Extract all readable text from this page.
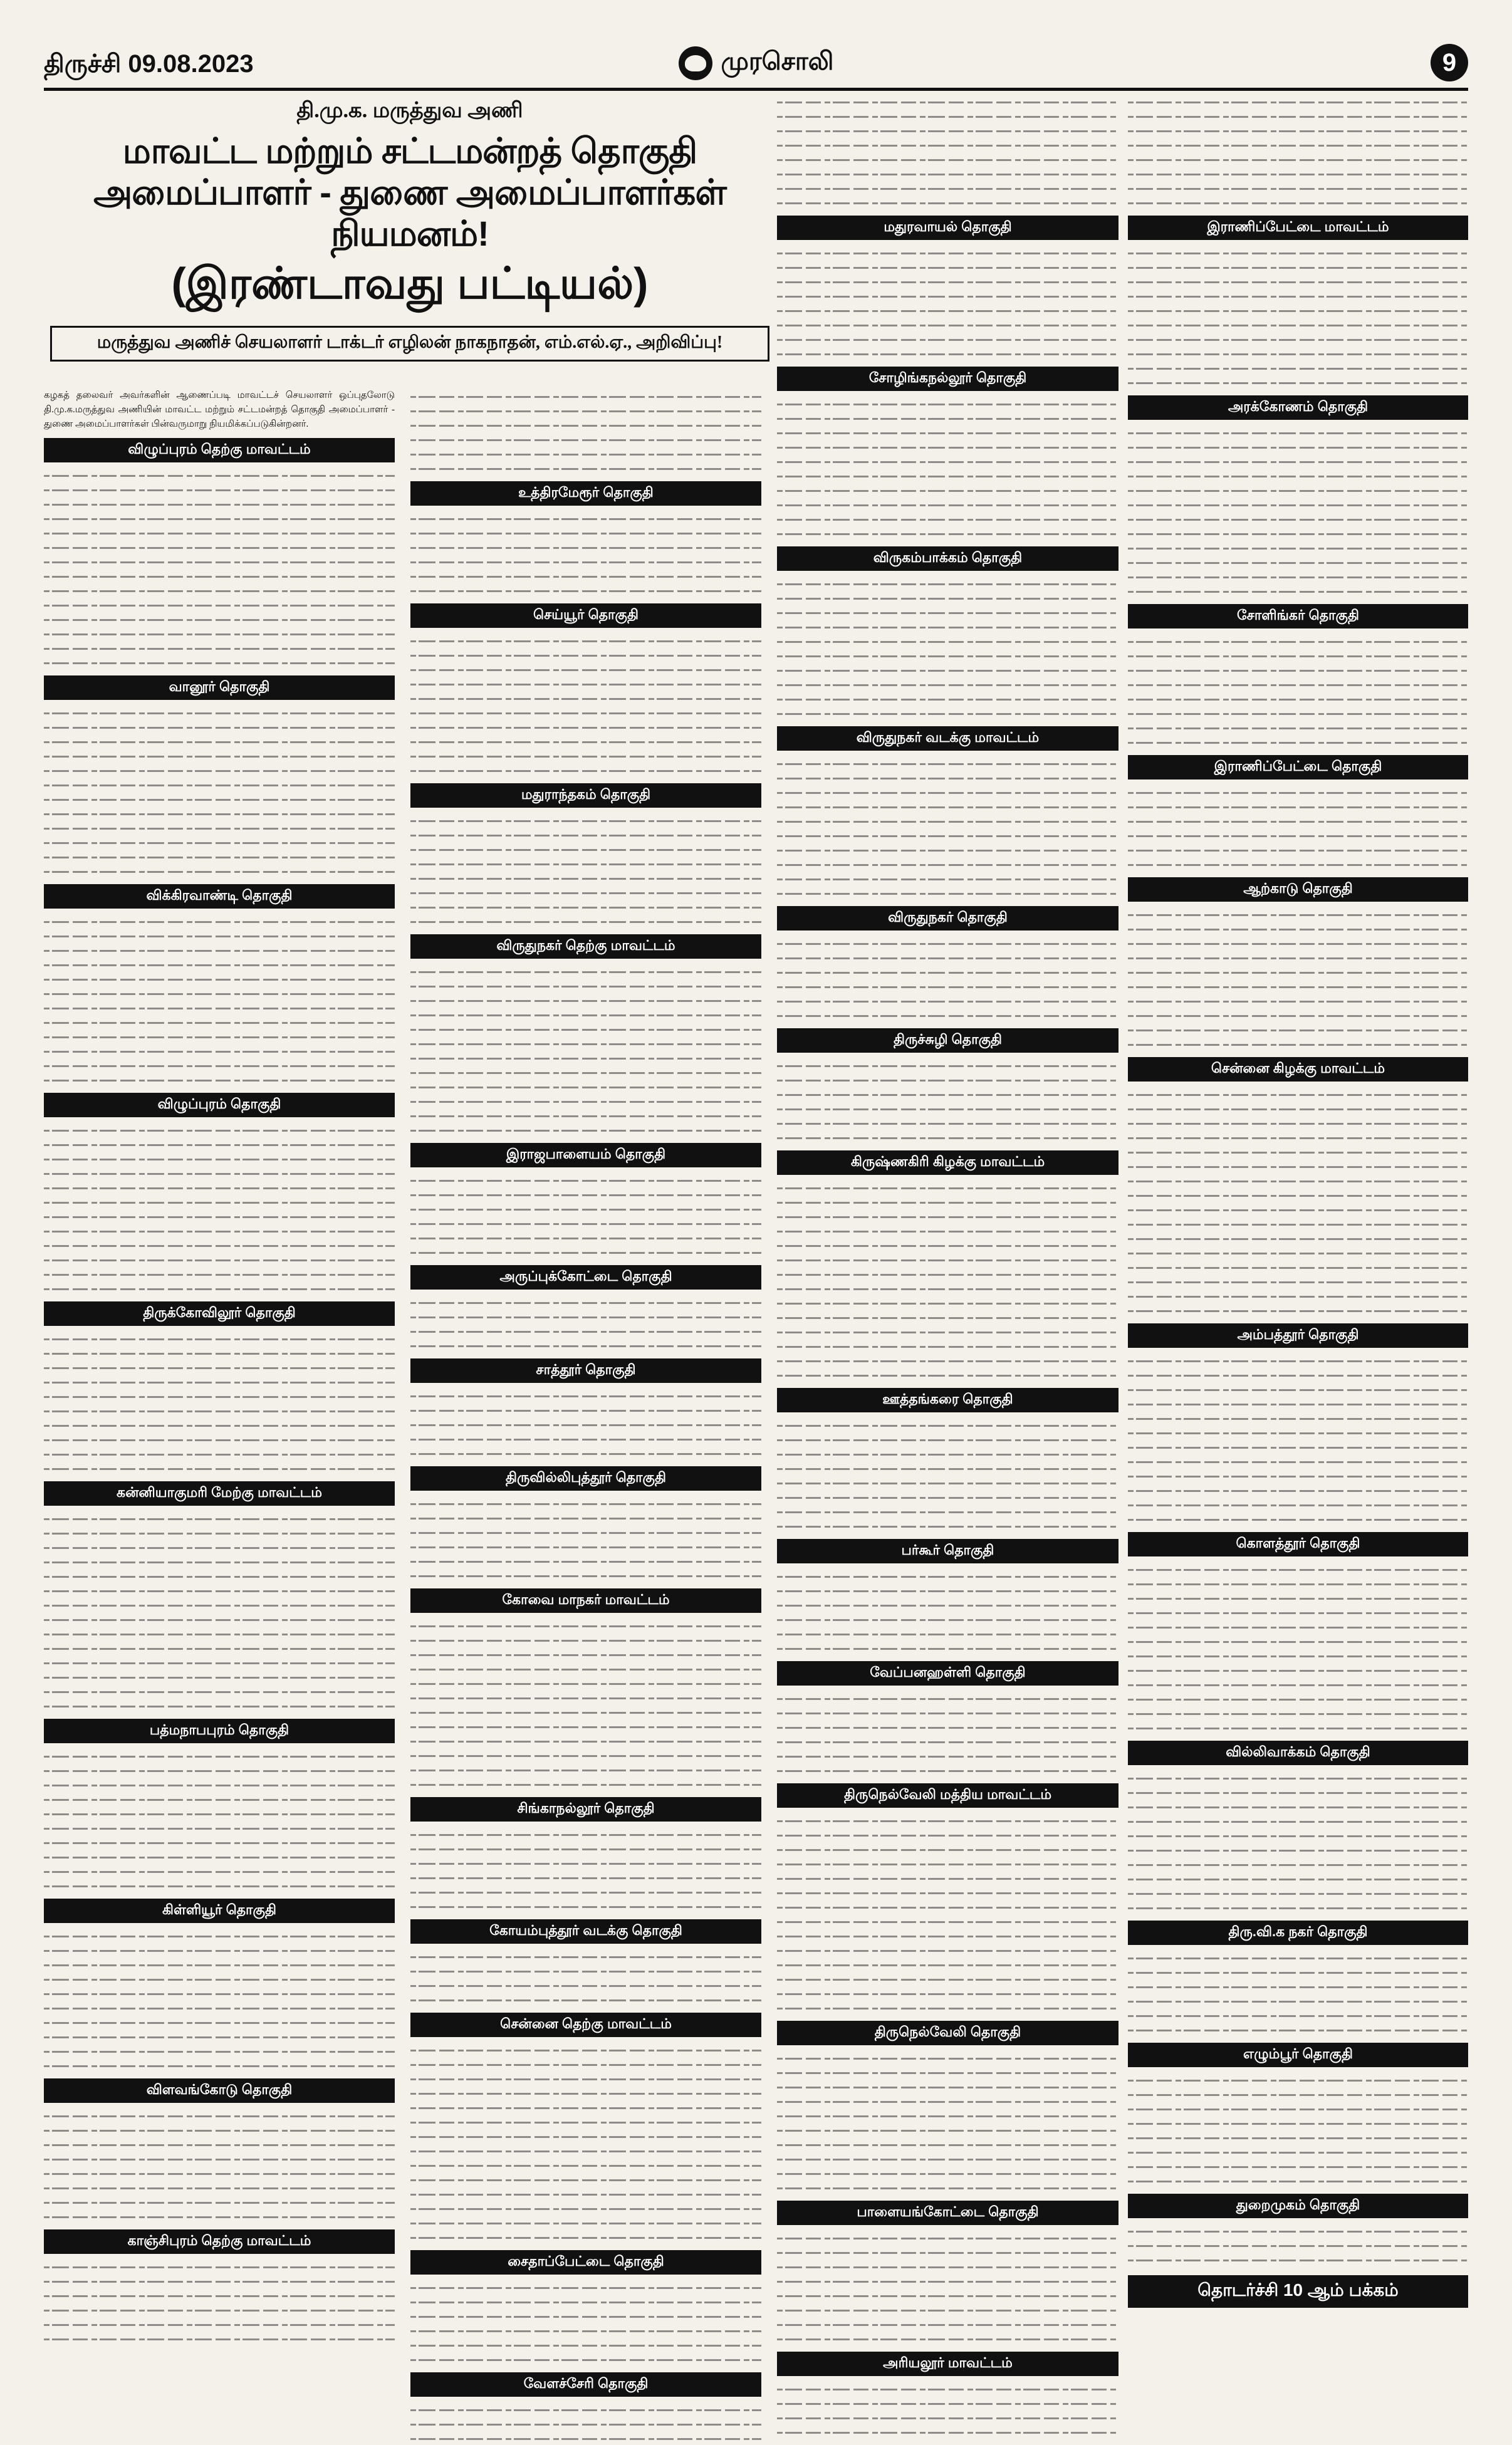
திருச்சி 09.08.2023	முரசொலி	9
தி.மு.க. மருத்துவ அணி
மாவட்ட மற்றும் சட்டமன்றத் தொகுதி அமைப்பாளர் - துணை அமைப்பாளர்கள் நியமனம்!
(இரண்டாவது பட்டியல்)
மருத்துவ அணிச் செயலாளர் டாக்டர் எழிலன் நாகநாதன், எம்.எல்.ஏ., அறிவிப்பு!

கழகத் தலைவர் அவர்களின் ஆணைப்படி மாவட்டச் செயலாளர் ஒப்புதலோடு தி.மு.க.மருத்துவ அணியின் மாவட்ட மற்றும் சட்டமன்றத் தொகுதி அமைப்பாளர் - துணை அமைப்பாளர்கள் பின்வருமாறு நியமிக்கப்படுகின்றனர்.

விழுப்புரம் தெற்கு மாவட்டம்
வானூர் தொகுதி
விக்கிரவாண்டி தொகுதி
விழுப்புரம் தொகுதி
திருக்கோவிலூர் தொகுதி
கன்னியாகுமரி மேற்கு மாவட்டம்
பத்மநாபபுரம் தொகுதி
கிள்ளியூர் தொகுதி
விளவங்கோடு தொகுதி
காஞ்சிபுரம் தெற்கு மாவட்டம்
உத்திரமேரூர் தொகுதி
செய்யூர் தொகுதி
மதுராந்தகம் தொகுதி
விருதுநகர் தெற்கு மாவட்டம்
இராஜபாளையம் தொகுதி
அருப்புக்கோட்டை தொகுதி
சாத்தூர் தொகுதி
திருவில்லிபுத்தூர் தொகுதி
கோவை மாநகர் மாவட்டம்
சிங்காநல்லூர் தொகுதி
கோயம்புத்தூர் வடக்கு தொகுதி
சென்னை தெற்கு மாவட்டம்
சைதாப்பேட்டை தொகுதி
வேளச்சேரி தொகுதி
மதுரவாயல் தொகுதி
சோழிங்கநல்லூர் தொகுதி
விருகம்பாக்கம் தொகுதி
விருதுநகர் வடக்கு மாவட்டம்
விருதுநகர் தொகுதி
திருச்சுழி தொகுதி
கிருஷ்ணகிரி கிழக்கு மாவட்டம்
ஊத்தங்கரை தொகுதி
பர்கூர் தொகுதி
வேப்பனஹள்ளி தொகுதி
திருநெல்வேலி மத்திய மாவட்டம்
திருநெல்வேலி தொகுதி
பாளையங்கோட்டை தொகுதி
அரியலூர் மாவட்டம்
இராணிப்பேட்டை மாவட்டம்
அரக்கோணம் தொகுதி
சோளிங்கர் தொகுதி
இராணிப்பேட்டை தொகுதி
ஆற்காடு தொகுதி
சென்னை கிழக்கு மாவட்டம்
அம்பத்தூர் தொகுதி
கொளத்தூர் தொகுதி
வில்லிவாக்கம் தொகுதி
திரு.வி.க நகர் தொகுதி
எழும்பூர் தொகுதி
துறைமுகம் தொகுதி
தொடர்ச்சி 10 ஆம் பக்கம்
